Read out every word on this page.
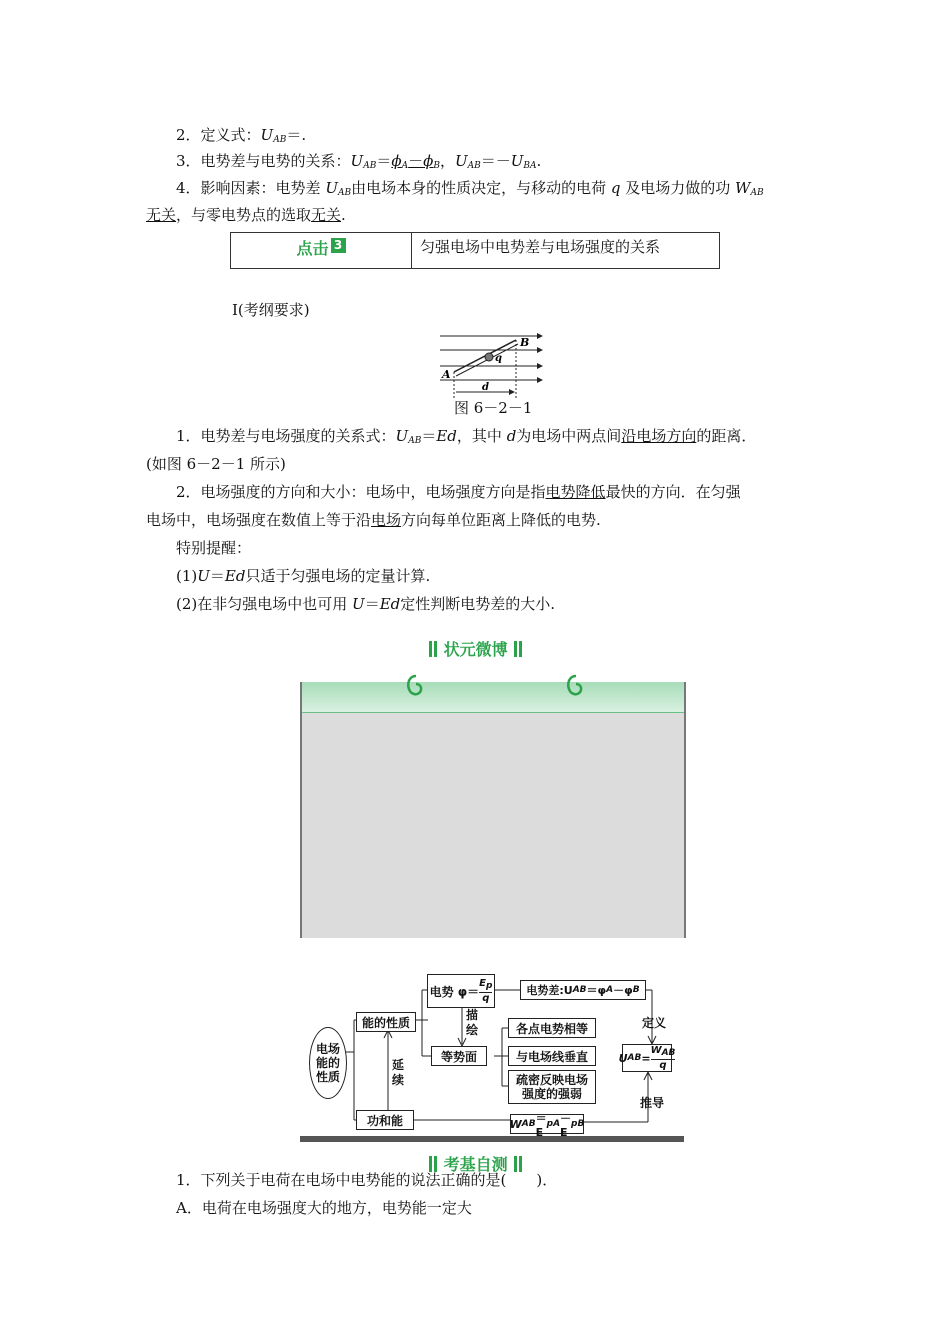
2．定义式：$U_{AB}=$.
3．电势差与电势的关系：$U_{AB}=\phi_A-\phi_B$，$U_{AB}=-U_{BA}$.
4．影响因素：电势差 $U_{AB}$由电场本身的性质决定，与移动的电荷 q 及电场力做的功 $W_{AB}$
无关，与零电势点的选取无关.
点击 3	匀强电场中电势差与电场强度的关系
Ⅰ(考纲要求)
A
B
q
d
图 6－2－1
1．电势差与电场强度的关系式：$U_{AB}=Ed$，其中 d为电场中两点间沿电场方向的距离．
(如图 6－2－1 所示)
2．电场强度的方向和大小：电场中，电场强度方向是指电势降低最快的方向．在匀强
电场中，电场强度在数值上等于沿电场方向每单位距离上降低的电势.
特别提醒：
(1)U＝Ed只适于匀强电场的定量计算.
(2)在非匀强电场中也可用 U＝Ed定性判断电势差的大小.
状元微博
电场能的性质
能的性质
功和能
延续
电势 φ＝
$E_p$
q
电势差:U AB ＝φ A －φ B
描绘
等势面
各点电势相等
与电场线垂直
疏密反映电场强度的强弱
定义
推导
U AB =
$W_{AB}$
q
W AB ＝E
pA －E
pB
考基自测
1．下列关于电荷在电场中电势能的说法正确的是(　　)．
A．电荷在电场强度大的地方，电势能一定大
